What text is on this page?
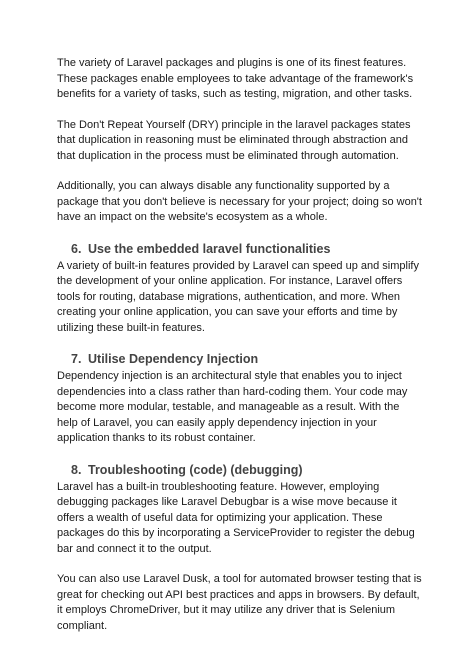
The variety of Laravel packages and plugins is one of its finest features. These packages enable employees to take advantage of the framework's benefits for a variety of tasks, such as testing, migration, and other tasks.

The Don't Repeat Yourself (DRY) principle in the laravel packages states that duplication in reasoning must be eliminated through abstraction and that duplication in the process must be eliminated through automation.

Additionally, you can always disable any functionality supported by a package that you don't believe is necessary for your project; doing so won't have an impact on the website's ecosystem as a whole.

6. Use the embedded laravel functionalities

A variety of built-in features provided by Laravel can speed up and simplify the development of your online application. For instance, Laravel offers tools for routing, database migrations, authentication, and more. When creating your online application, you can save your efforts and time by utilizing these built-in features.

7. Utilise Dependency Injection

Dependency injection is an architectural style that enables you to inject dependencies into a class rather than hard-coding them. Your code may become more modular, testable, and manageable as a result. With the help of Laravel, you can easily apply dependency injection in your application thanks to its robust container.

8. Troubleshooting (code) (debugging)

Laravel has a built-in troubleshooting feature. However, employing debugging packages like Laravel Debugbar is a wise move because it offers a wealth of useful data for optimizing your application. These packages do this by incorporating a ServiceProvider to register the debug bar and connect it to the output.

You can also use Laravel Dusk, a tool for automated browser testing that is great for checking out API best practices and apps in browsers. By default, it employs ChromeDriver, but it may utilize any driver that is Selenium compliant.
